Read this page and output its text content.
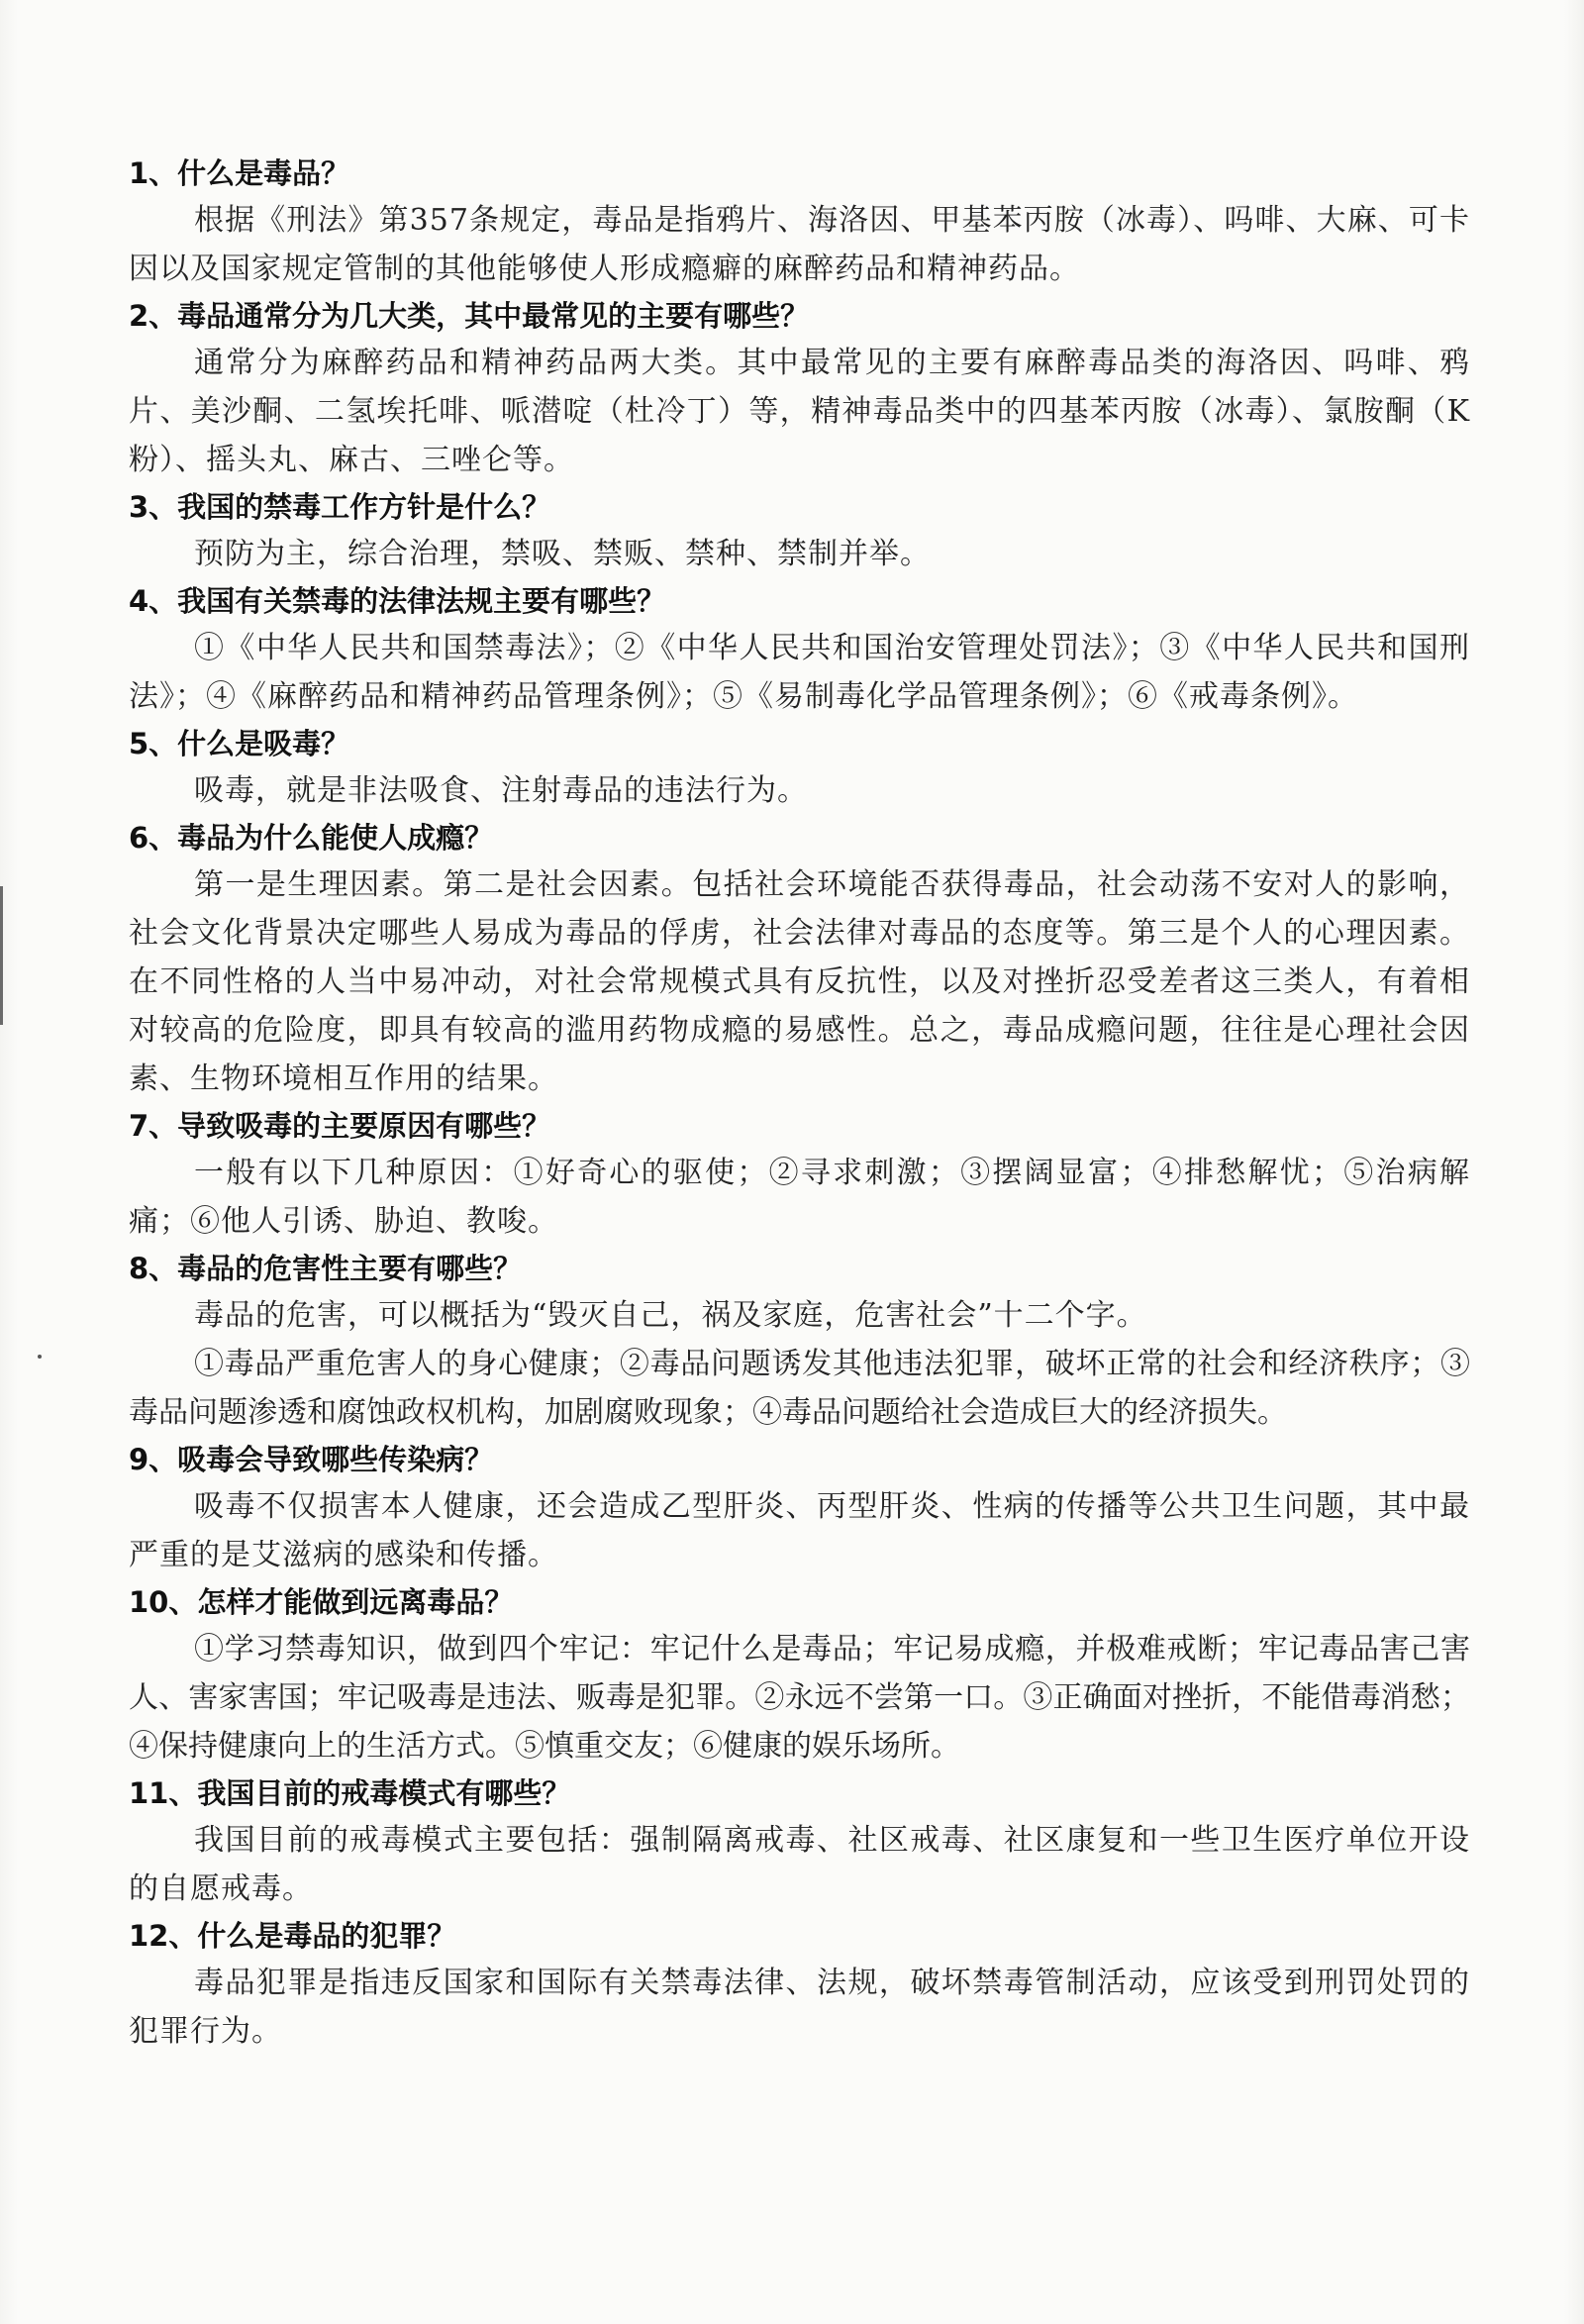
1、什么是毒品？

根据《刑法》第357条规定，毒品是指鸦片、海洛因、甲基苯丙胺（冰毒）、吗啡、大麻、可卡因以及国家规定管制的其他能够使人形成瘾癖的麻醉药品和精神药品。

2、毒品通常分为几大类，其中最常见的主要有哪些？

通常分为麻醉药品和精神药品两大类。其中最常见的主要有麻醉毒品类的海洛因、吗啡、鸦片、美沙酮、二氢埃托啡、哌潜啶（杜冷丁）等，精神毒品类中的四基苯丙胺（冰毒）、氯胺酮（K粉）、摇头丸、麻古、三唑仑等。

3、我国的禁毒工作方针是什么？

预防为主，综合治理，禁吸、禁贩、禁种、禁制并举。

4、我国有关禁毒的法律法规主要有哪些？

①《中华人民共和国禁毒法》；②《中华人民共和国治安管理处罚法》；③《中华人民共和国刑法》；④《麻醉药品和精神药品管理条例》；⑤《易制毒化学品管理条例》；⑥《戒毒条例》。

5、什么是吸毒？

吸毒，就是非法吸食、注射毒品的违法行为。

6、毒品为什么能使人成瘾？

第一是生理因素。第二是社会因素。包括社会环境能否获得毒品，社会动荡不安对人的影响，社会文化背景决定哪些人易成为毒品的俘虏，社会法律对毒品的态度等。第三是个人的心理因素。在不同性格的人当中易冲动，对社会常规模式具有反抗性，以及对挫折忍受差者这三类人，有着相对较高的危险度，即具有较高的滥用药物成瘾的易感性。总之，毒品成瘾问题，往往是心理社会因素、生物环境相互作用的结果。

7、导致吸毒的主要原因有哪些？

一般有以下几种原因：①好奇心的驱使；②寻求刺激；③摆阔显富；④排愁解忧；⑤治病解痛；⑥他人引诱、胁迫、教唆。

8、毒品的危害性主要有哪些？

毒品的危害，可以概括为“毁灭自己，祸及家庭，危害社会”十二个字。

①毒品严重危害人的身心健康；②毒品问题诱发其他违法犯罪，破坏正常的社会和经济秩序；③毒品问题渗透和腐蚀政权机构，加剧腐败现象；④毒品问题给社会造成巨大的经济损失。

9、吸毒会导致哪些传染病？

吸毒不仅损害本人健康，还会造成乙型肝炎、丙型肝炎、性病的传播等公共卫生问题，其中最严重的是艾滋病的感染和传播。

10、怎样才能做到远离毒品？

①学习禁毒知识，做到四个牢记：牢记什么是毒品；牢记易成瘾，并极难戒断；牢记毒品害己害人、害家害国；牢记吸毒是违法、贩毒是犯罪。②永远不尝第一口。③正确面对挫折，不能借毒消愁；④保持健康向上的生活方式。⑤慎重交友；⑥健康的娱乐场所。

11、我国目前的戒毒模式有哪些？

我国目前的戒毒模式主要包括：强制隔离戒毒、社区戒毒、社区康复和一些卫生医疗单位开设的自愿戒毒。

12、什么是毒品的犯罪？

毒品犯罪是指违反国家和国际有关禁毒法律、法规，破坏禁毒管制活动，应该受到刑罚处罚的犯罪行为。
